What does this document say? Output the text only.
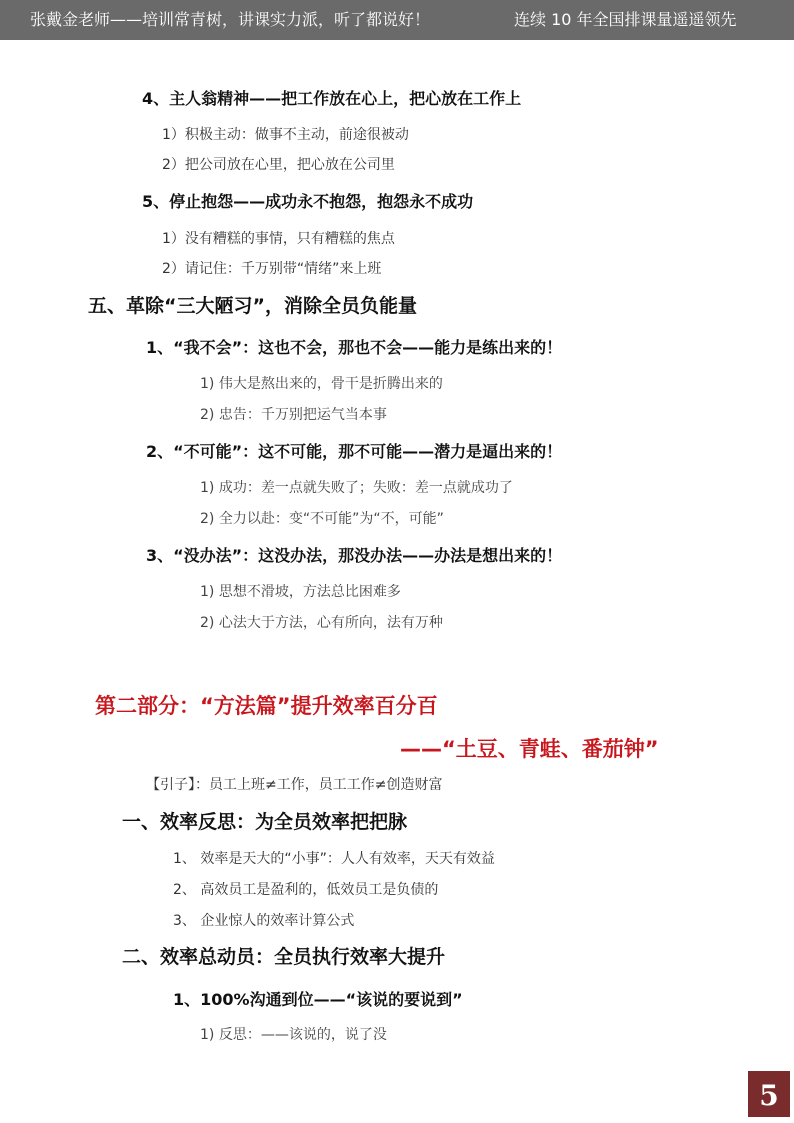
张戴金老师——培训常青树，讲课实力派，听了都说好！	连续 10 年全国排课量遥遥领先
4、主人翁精神——把工作放在心上，把心放在工作上
1）积极主动：做事不主动，前途很被动
2）把公司放在心里，把心放在公司里
5、停止抱怨——成功永不抱怨，抱怨永不成功
1）没有糟糕的事情，只有糟糕的焦点
2）请记住：千万别带“情绪”来上班
五、革除“三大陋习”，消除全员负能量
1、“我不会”：这也不会，那也不会——能力是练出来的！
1) 伟大是熬出来的，骨干是折腾出来的
2) 忠告：千万别把运气当本事
2、“不可能”：这不可能，那不可能——潜力是逼出来的！
1) 成功：差一点就失败了；失败：差一点就成功了
2) 全力以赴：变“不可能”为“不，可能”
3、“没办法”：这没办法，那没办法——办法是想出来的！
1) 思想不滑坡，方法总比困难多
2) 心法大于方法，心有所向，法有万种
第二部分：“方法篇”提升效率百分百
——“土豆、青蛙、番茄钟”
【引子】：员工上班≠工作，员工工作≠创造财富
一、效率反思：为全员效率把把脉
1、 效率是天大的“小事”：人人有效率，天天有效益
2、 高效员工是盈利的，低效员工是负债的
3、 企业惊人的效率计算公式
二、效率总动员：全员执行效率大提升
1、100%沟通到位——“该说的要说到”
1) 反思：——该说的，说了没
5
